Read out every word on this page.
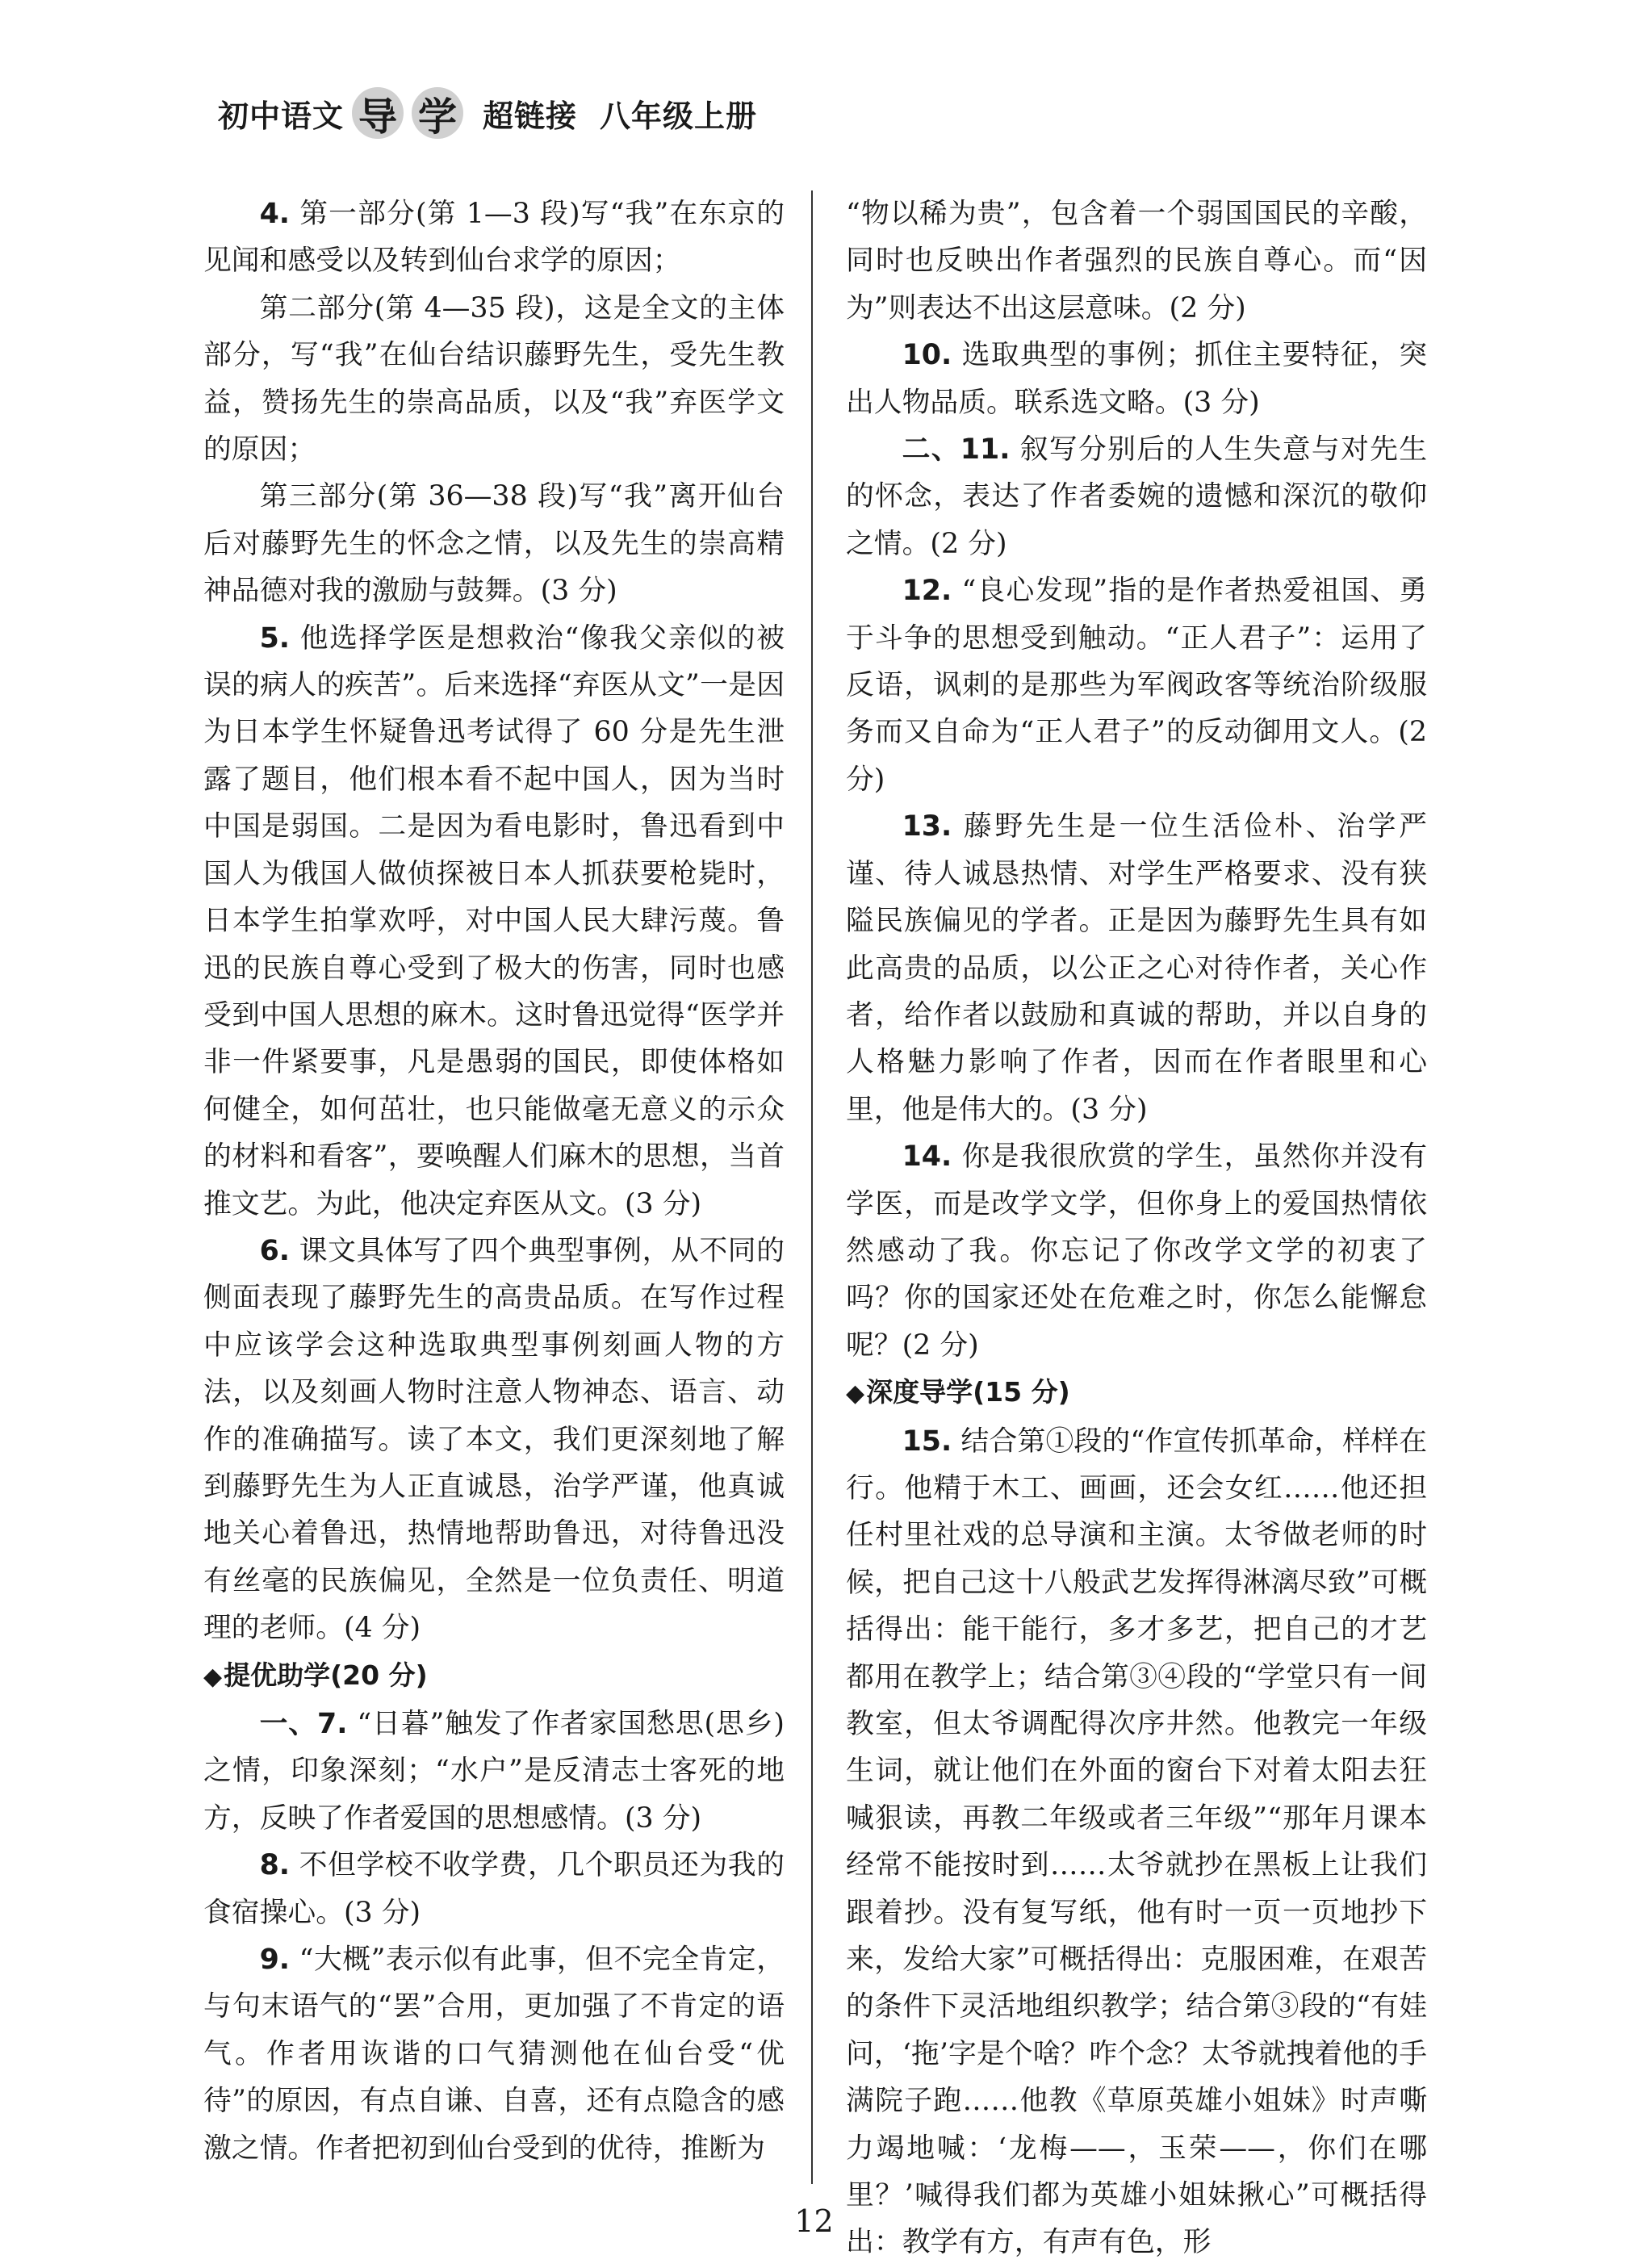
初中语文 导 学 超链接 八年级上册

4. 第一部分(第 1—3 段)写“我”在东京的见闻和感受以及转到仙台求学的原因；

第二部分(第 4—35 段)，这是全文的主体部分，写“我”在仙台结识藤野先生，受先生教益，赞扬先生的崇高品质，以及“我”弃医学文的原因；

第三部分(第 36—38 段)写“我”离开仙台后对藤野先生的怀念之情，以及先生的崇高精神品德对我的激励与鼓舞。(3 分)

5. 他选择学医是想救治“像我父亲似的被误的病人的疾苦”。后来选择“弃医从文”一是因为日本学生怀疑鲁迅考试得了 60 分是先生泄露了题目，他们根本看不起中国人，因为当时中国是弱国。二是因为看电影时，鲁迅看到中国人为俄国人做侦探被日本人抓获要枪毙时，日本学生拍掌欢呼，对中国人民大肆污蔑。鲁迅的民族自尊心受到了极大的伤害，同时也感受到中国人思想的麻木。这时鲁迅觉得“医学并非一件紧要事，凡是愚弱的国民，即使体格如何健全，如何茁壮，也只能做毫无意义的示众的材料和看客”，要唤醒人们麻木的思想，当首推文艺。为此，他决定弃医从文。(3 分)

6. 课文具体写了四个典型事例，从不同的侧面表现了藤野先生的高贵品质。在写作过程中应该学会这种选取典型事例刻画人物的方法，以及刻画人物时注意人物神态、语言、动作的准确描写。读了本文，我们更深刻地了解到藤野先生为人正直诚恳，治学严谨，他真诚地关心着鲁迅，热情地帮助鲁迅，对待鲁迅没有丝毫的民族偏见，全然是一位负责任、明道理的老师。(4 分)

◆提优助学(20 分)

一、7. “日暮”触发了作者家国愁思(思乡)之情，印象深刻；“水户”是反清志士客死的地方，反映了作者爱国的思想感情。(3 分)

8. 不但学校不收学费，几个职员还为我的食宿操心。(3 分)

9. “大概”表示似有此事，但不完全肯定，与句末语气的“罢”合用，更加强了不肯定的语气。作者用诙谐的口气猜测他在仙台受“优待”的原因，有点自谦、自喜，还有点隐含的感激之情。作者把初到仙台受到的优待，推断为

“物以稀为贵”，包含着一个弱国国民的辛酸，同时也反映出作者强烈的民族自尊心。而“因为”则表达不出这层意味。(2 分)

10. 选取典型的事例；抓住主要特征，突出人物品质。联系选文略。(3 分)

二、11. 叙写分别后的人生失意与对先生的怀念，表达了作者委婉的遗憾和深沉的敬仰之情。(2 分)

12. “良心发现”指的是作者热爱祖国、勇于斗争的思想受到触动。“正人君子”：运用了反语，讽刺的是那些为军阀政客等统治阶级服务而又自命为“正人君子”的反动御用文人。(2 分)

13. 藤野先生是一位生活俭朴、治学严谨、待人诚恳热情、对学生严格要求、没有狭隘民族偏见的学者。正是因为藤野先生具有如此高贵的品质，以公正之心对待作者，关心作者，给作者以鼓励和真诚的帮助，并以自身的人格魅力影响了作者，因而在作者眼里和心里，他是伟大的。(3 分)

14. 你是我很欣赏的学生，虽然你并没有学医，而是改学文学，但你身上的爱国热情依然感动了我。你忘记了你改学文学的初衷了吗？你的国家还处在危难之时，你怎么能懈怠呢？(2 分)

◆深度导学(15 分)

15. 结合第①段的“作宣传抓革命，样样在行。他精于木工、画画，还会女红……他还担任村里社戏的总导演和主演。太爷做老师的时候，把自己这十八般武艺发挥得淋漓尽致”可概括得出：能干能行，多才多艺，把自己的才艺都用在教学上；结合第③④段的“学堂只有一间教室，但太爷调配得次序井然。他教完一年级生词，就让他们在外面的窗台下对着太阳去狂喊狠读，再教二年级或者三年级”“那年月课本经常不能按时到……太爷就抄在黑板上让我们跟着抄。没有复写纸，他有时一页一页地抄下来，发给大家”可概括得出：克服困难，在艰苦的条件下灵活地组织教学；结合第③段的“有娃问，‘拖’字是个啥？咋个念？太爷就拽着他的手满院子跑……他教《草原英雄小姐妹》时声嘶力竭地喊：‘龙梅——，玉荣——，你们在哪里？’喊得我们都为英雄小姐妹揪心”可概括得出：教学有方，有声有色，形

12
